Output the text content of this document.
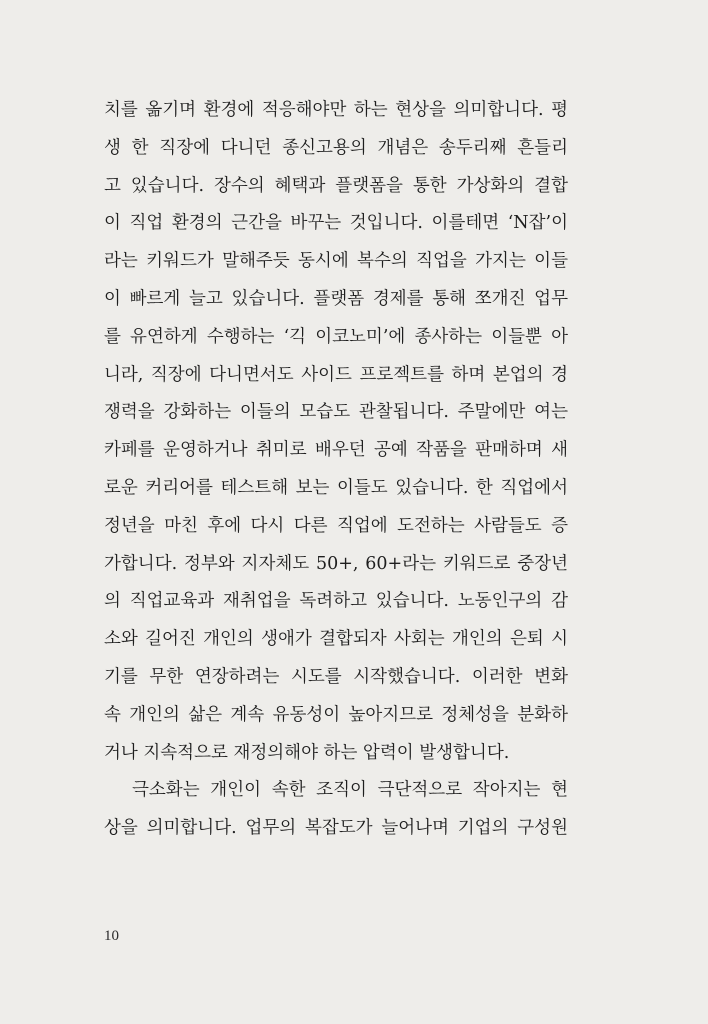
치를 옮기며 환경에 적응해야만 하는 현상을 의미합니다. 평
생 한 직장에 다니던 종신고용의 개념은 송두리째 흔들리
고 있습니다. 장수의 혜택과 플랫폼을 통한 가상화의 결합
이 직업 환경의 근간을 바꾸는 것입니다. 이를테면 ‘N잡’이
라는 키워드가 말해주듯 동시에 복수의 직업을 가지는 이들
이 빠르게 늘고 있습니다. 플랫폼 경제를 통해 쪼개진 업무
를 유연하게 수행하는 ‘긱 이코노미’에 종사하는 이들뿐 아
니라, 직장에 다니면서도 사이드 프로젝트를 하며 본업의 경
쟁력을 강화하는 이들의 모습도 관찰됩니다. 주말에만 여는
카페를 운영하거나 취미로 배우던 공예 작품을 판매하며 새
로운 커리어를 테스트해 보는 이들도 있습니다. 한 직업에서
정년을 마친 후에 다시 다른 직업에 도전하는 사람들도 증
가합니다. 정부와 지자체도 50+, 60+라는 키워드로 중장년
의 직업교육과 재취업을 독려하고 있습니다. 노동인구의 감
소와 길어진 개인의 생애가 결합되자 사회는 개인의 은퇴 시
기를 무한 연장하려는 시도를 시작했습니다. 이러한 변화
속 개인의 삶은 계속 유동성이 높아지므로 정체성을 분화하
거나 지속적으로 재정의해야 하는 압력이 발생합니다.
극소화는 개인이 속한 조직이 극단적으로 작아지는 현
상을 의미합니다. 업무의 복잡도가 늘어나며 기업의 구성원
10
